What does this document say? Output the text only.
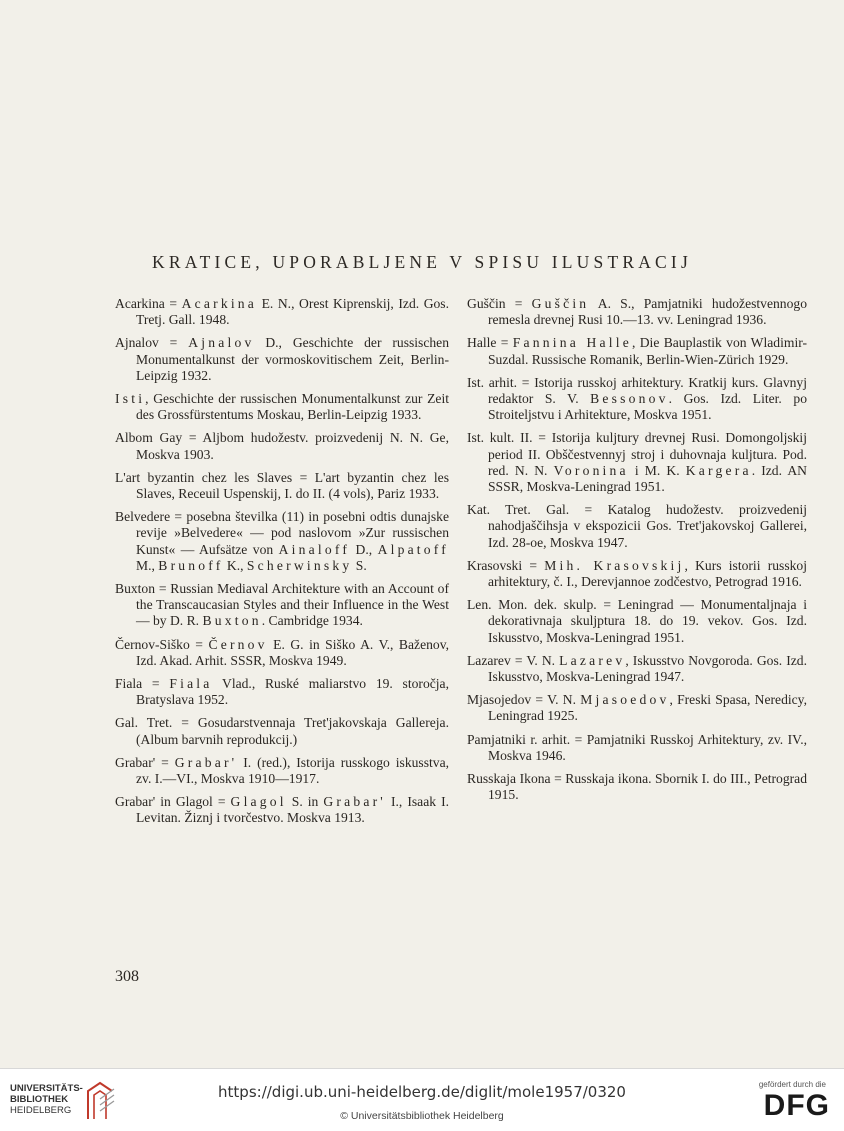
KRATICE, UPORABLJENE V SPISU ILUSTRACIJ

Acarkina = Acarkina E. N., Orest Kiprenskij, Izd. Gos. Tretj. Gall. 1948.

Ajnalov = Ajnalov D., Geschichte der russischen Monumentalkunst der vormoskovitischem Zeit, Berlin-Leipzig 1932.

Isti, Geschichte der russischen Monumentalkunst zur Zeit des Grossfürstentums Moskau, Berlin-Leipzig 1933.

Albom Gay = Aljbom hudožestv. proizvedenij N. N. Ge, Moskva 1903.

L'art byzantin chez les Slaves = L'art byzantin chez les Slaves, Receuil Uspenskij, I. do II. (4 vols), Pariz 1933.

Belvedere = posebna številka (11) in posebni odtis dunajske revije »Belvedere« — pod naslovom »Zur russischen Kunst« — Aufsätze von Ainaloff D., Alpatoff M., Brunoff K., Scherwinsky S.

Buxton = Russian Mediaval Architekture with an Account of the Transcaucasian Styles and their Influence in the West — by D. R. Buxton. Cambridge 1934.

Černov-Siško = Černov E. G. in Siško A. V., Baženov, Izd. Akad. Arhit. SSSR, Moskva 1949.

Fiala = Fiala Vlad., Ruské maliarstvo 19. storočja, Bratyslava 1952.

Gal. Tret. = Gosudarstvennaja Tret'jakovskaja Gallereja. (Album barvnih reprodukcij.)

Grabar' = Grabar' I. (red.), Istorija russkogo iskusstva, zv. I.—VI., Moskva 1910—1917.

Grabar' in Glagol = Glagol S. in Grabar' I., Isaak I. Levitan. Žiznj i tvorčestvo. Moskva 1913.

Guščin = Guščin A. S., Pamjatniki hudožestvennogo remesla drevnej Rusi 10.—13. vv. Leningrad 1936.

Halle = Fannina Halle, Die Bauplastik von Wladimir-Suzdal. Russische Romanik, Berlin-Wien-Zürich 1929.

Ist. arhit. = Istorija russkoj arhitektury. Kratkij kurs. Glavnyj redaktor S. V. Bessonov. Gos. Izd. Liter. po Stroiteljstvu i Arhitekture, Moskva 1951.

Ist. kult. II. = Istorija kuljtury drevnej Rusi. Domongoljskij period II. Obščestvennyj stroj i duhovnaja kuljtura. Pod. red. N. N. Voronina i M. K. Kargera. Izd. AN SSSR, Moskva-Leningrad 1951.

Kat. Tret. Gal. = Katalog hudožestv. proizvedenij nahodjaščihsja v ekspozicii Gos. Tret'jakovskoj Gallerei, Izd. 28-oe, Moskva 1947.

Krasovski = Mih. Krasovskij, Kurs istorii russkoj arhitektury, č. I., Derevjannoe zodčestvo, Petrograd 1916.

Len. Mon. dek. skulp. = Leningrad — Monumentaljnaja i dekorativnaja skuljptura 18. do 19. vekov. Gos. Izd. Iskusstvo, Moskva-Leningrad 1951.

Lazarev = V. N. Lazarev, Iskusstvo Novgoroda. Gos. Izd. Iskusstvo, Moskva-Leningrad 1947.

Mjasojedov = V. N. Mjasoedov, Freski Spasa, Neredicy, Leningrad 1925.

Pamjatniki r. arhit. = Pamjatniki Russkoj Arhitektury, zv. IV., Moskva 1946.

Russkaja Ikona = Russkaja ikona. Sbornik I. do III., Petrograd 1915.

308
UNIVERSITÄTS-
BIBLIOTHEK
HEIDELBERG
https://digi.ub.uni-heidelberg.de/diglit/mole1957/0320
© Universitätsbibliothek Heidelberg
gefördert durch die
DFG
